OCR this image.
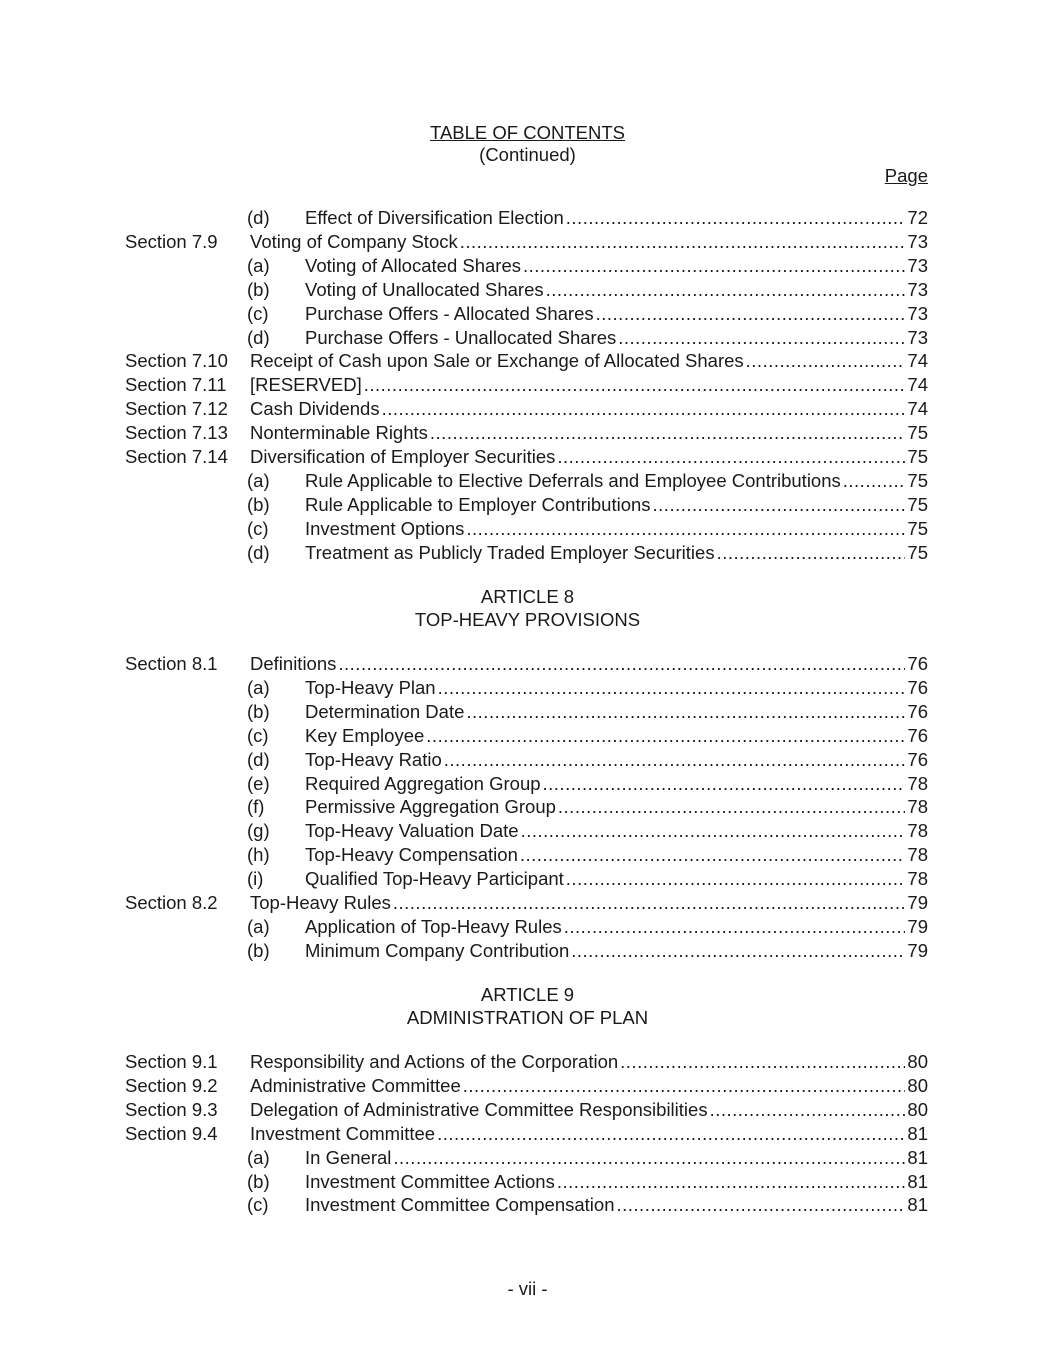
TABLE OF CONTENTS
(Continued)
Page
(d) Effect of Diversification Election .....	72
Section 7.9 Voting of Company Stock .....	73
(a) Voting of Allocated Shares .....	73
(b) Voting of Unallocated Shares .....	73
(c) Purchase Offers - Allocated Shares .....	73
(d) Purchase Offers - Unallocated Shares .....	73
Section 7.10 Receipt of Cash upon Sale or Exchange of Allocated Shares .....	74
Section 7.11 [RESERVED] .....	74
Section 7.12 Cash Dividends .....	74
Section 7.13 Nonterminable Rights .....	75
Section 7.14 Diversification of Employer Securities .....	75
(a) Rule Applicable to Elective Deferrals and Employee Contributions .....	75
(b) Rule Applicable to Employer Contributions .....	75
(c) Investment Options .....	75
(d) Treatment as Publicly Traded Employer Securities .....	75
ARTICLE 8
TOP-HEAVY PROVISIONS
Section 8.1 Definitions .....	76
(a) Top-Heavy Plan .....	76
(b) Determination Date .....	76
(c) Key Employee .....	76
(d) Top-Heavy Ratio .....	76
(e) Required Aggregation Group .....	78
(f) Permissive Aggregation Group .....	78
(g) Top-Heavy Valuation Date .....	78
(h) Top-Heavy Compensation .....	78
(i) Qualified Top-Heavy Participant .....	78
Section 8.2 Top-Heavy Rules .....	79
(a) Application of Top-Heavy Rules .....	79
(b) Minimum Company Contribution .....	79
ARTICLE 9
ADMINISTRATION OF PLAN
Section 9.1 Responsibility and Actions of the Corporation .....	80
Section 9.2 Administrative Committee .....	80
Section 9.3 Delegation of Administrative Committee Responsibilities .....	80
Section 9.4 Investment Committee .....	81
(a) In General .....	81
(b) Investment Committee Actions .....	81
(c) Investment Committee Compensation .....	81
- vii -
